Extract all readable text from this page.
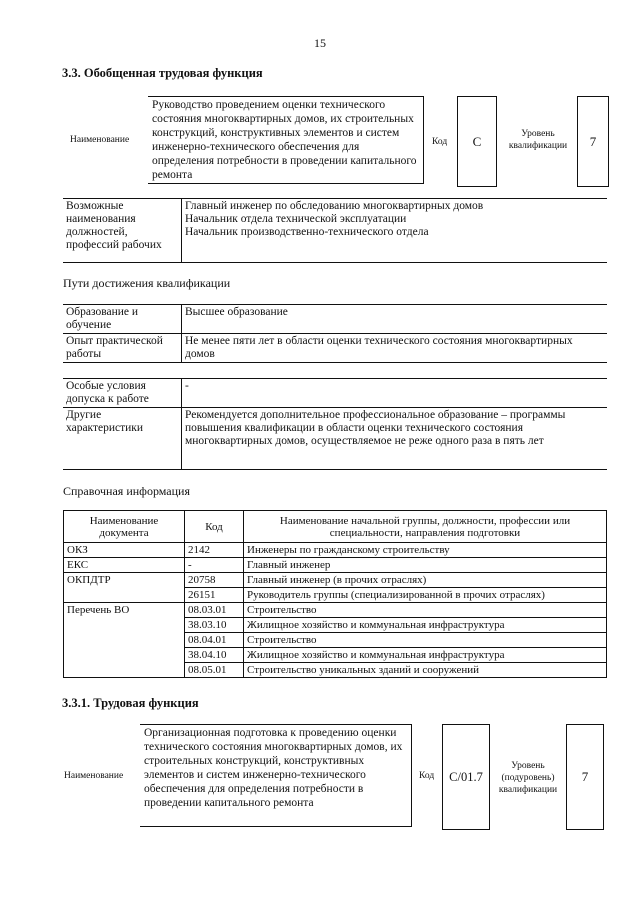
15
3.3. Обобщенная трудовая функция
Наименование
Руководство проведением оценки технического состояния многоквартирных домов, их строительных конструкций, конструктивных элементов и систем инженерно-технического обеспечения для определения потребности в проведении капитального ремонта
Код	С	Уровень квалификации	7
Возможные наименования должностей, профессий рабочих	
Главный инженер по обследованию многоквартирных домов
Начальник отдела технической эксплуатации
Начальник производственно-технического отдела
Пути достижения квалификации
Образование и обучение	Высшее образование
Опыт практической работы	Не менее пяти лет в области оценки технического состояния многоквартирных домов
Особые условия допуска к работе	-
Другие характеристики	Рекомендуется дополнительное профессиональное образование – программы повышения квалификации в области оценки технического состояния многоквартирных домов, осуществляемое не реже одного раза в пять лет
Справочная информация
Наименование документа	Код	Наименование начальной группы, должности, профессии или специальности, направления подготовки
ОКЗ	2142	Инженеры по гражданскому строительству
ЕКС	-	Главный инженер
ОКПДТР	20758	Главный инженер (в прочих отраслях)
	26151	Руководитель группы (специализированной в прочих отраслях)
Перечень ВО	08.03.01	Строительство
	38.03.10	Жилищное хозяйство и коммунальная инфраструктура
	08.04.01	Строительство
	38.04.10	Жилищное хозяйство и коммунальная инфраструктура
	08.05.01	Строительство уникальных зданий и сооружений
3.3.1. Трудовая функция
Наименование
Организационная подготовка к проведению оценки технического состояния многоквартирных домов, их строительных конструкций, конструктивных элементов и систем инженерно-технического обеспечения для определения потребности в проведении капитального ремонта
Код	С/01.7
Уровень (подуровень) квалификации
7
